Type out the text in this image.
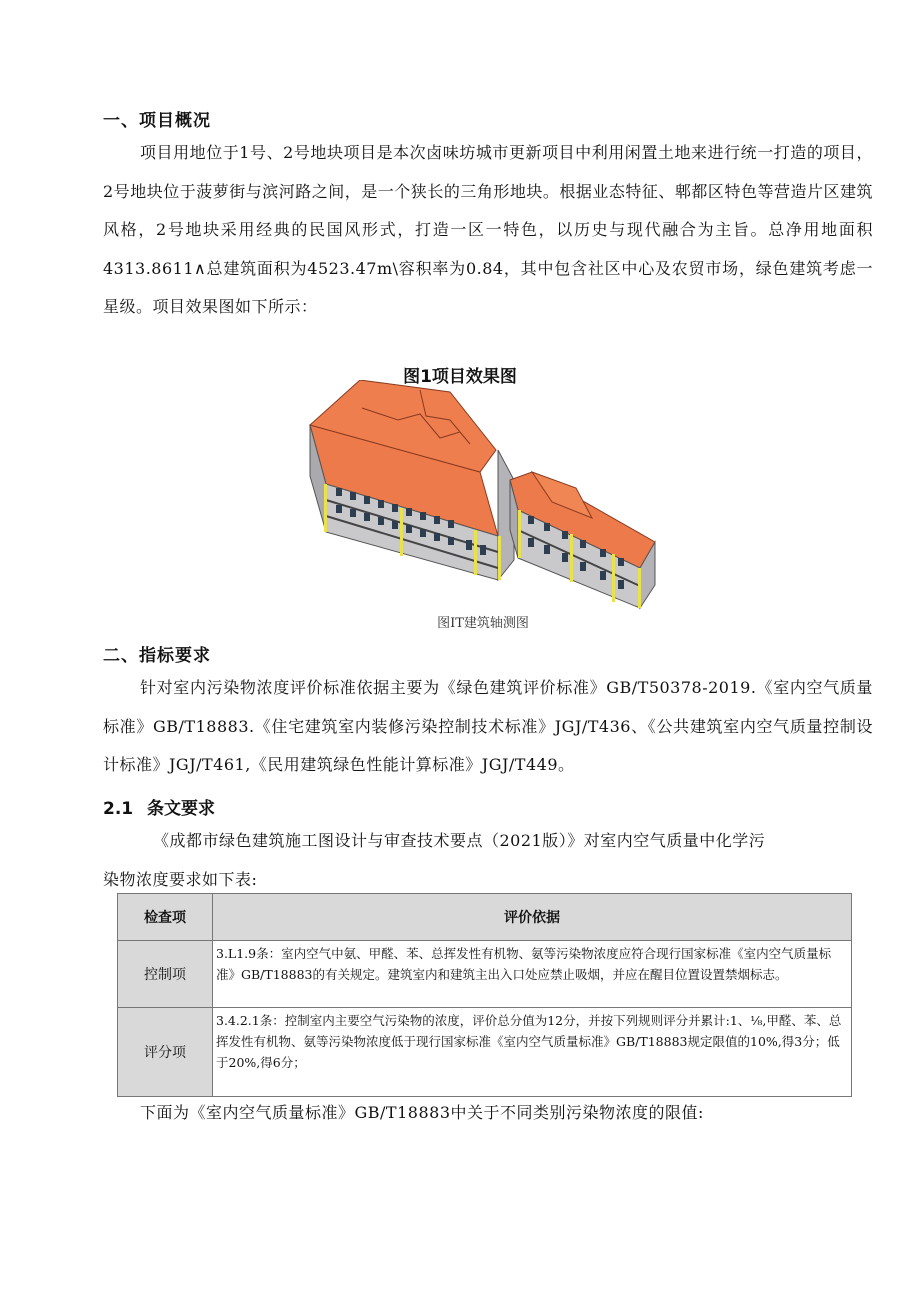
一、项目概况
项目用地位于1号、2号地块项目是本次卤味坊城市更新项目中利用闲置土地来进行统一打造的项目，2号地块位于菠萝街与滨河路之间，是一个狭长的三角形地块。根据业态特征、郫都区特色等营造片区建筑风格，2号地块采用经典的民国风形式，打造一区一特色，以历史与现代融合为主旨。总净用地面积4313.8611∧总建筑面积为4523.47m\容积率为0.84，其中包含社区中心及农贸市场，绿色建筑考虑一星级。项目效果图如下所示：
图1项目效果图
图IT建筑轴测图
二、指标要求
针对室内污染物浓度评价标准依据主要为《绿色建筑评价标准》GB/T50378-2019.《室内空气质量标准》GB/T18883.《住宅建筑室内装修污染控制技术标准》JGJ/T436、《公共建筑室内空气质量控制设计标准》JGJ/T461,《民用建筑绿色性能计算标准》JGJ/T449。
2.1 条文要求
《成都市绿色建筑施工图设计与审查技术要点（2021版）》对室内空气质量中化学污
染物浓度要求如下表:
检查项	评价依据
控制项	3.L1.9条：室内空气中氨、甲醛、苯、总挥发性有机物、氨等污染物浓度应符合现行国家标准《室内空气质量标准》GB/T18883的有关规定。建筑室内和建筑主出入口处应禁止吸烟，并应在醒目位置设置禁烟标志。
评分项	3.4.2.1条：控制室内主要空气污染物的浓度，评价总分值为12分，并按下列规则评分并累计:1、⅛,甲醛、苯、总挥发性有机物、氨等污染物浓度低于现行国家标准《室内空气质量标准》GB/T18883规定限值的10%,得3分；低于20%,得6分；
下面为《室内空气质量标准》GB/T18883中关于不同类别污染物浓度的限值:
